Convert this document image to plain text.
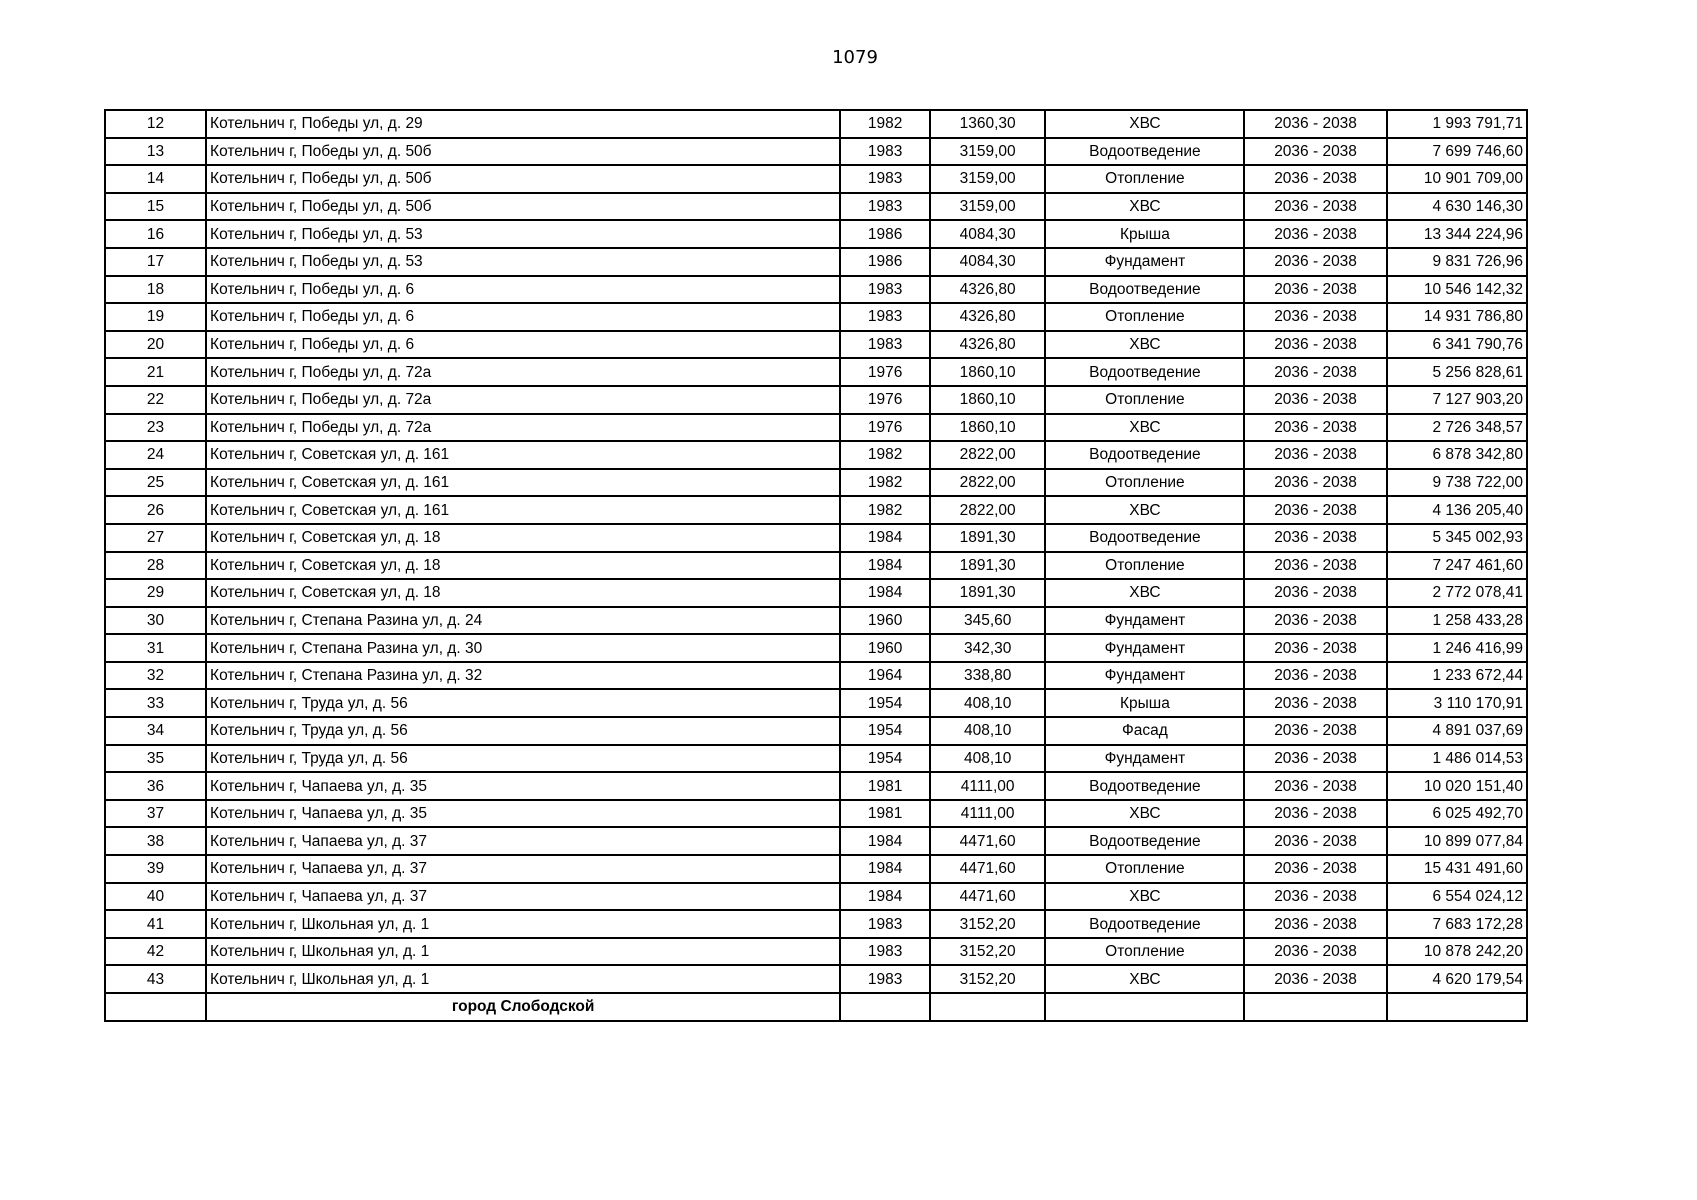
1079
12	Котельнич г, Победы ул, д. 29	1982	1360,30	ХВС	2036 - 2038	1 993 791,71
13	Котельнич г, Победы ул, д. 50б	1983	3159,00	Водоотведение	2036 - 2038	7 699 746,60
14	Котельнич г, Победы ул, д. 50б	1983	3159,00	Отопление	2036 - 2038	10 901 709,00
15	Котельнич г, Победы ул, д. 50б	1983	3159,00	ХВС	2036 - 2038	4 630 146,30
16	Котельнич г, Победы ул, д. 53	1986	4084,30	Крыша	2036 - 2038	13 344 224,96
17	Котельнич г, Победы ул, д. 53	1986	4084,30	Фундамент	2036 - 2038	9 831 726,96
18	Котельнич г, Победы ул, д. 6	1983	4326,80	Водоотведение	2036 - 2038	10 546 142,32
19	Котельнич г, Победы ул, д. 6	1983	4326,80	Отопление	2036 - 2038	14 931 786,80
20	Котельнич г, Победы ул, д. 6	1983	4326,80	ХВС	2036 - 2038	6 341 790,76
21	Котельнич г, Победы ул, д. 72а	1976	1860,10	Водоотведение	2036 - 2038	5 256 828,61
22	Котельнич г, Победы ул, д. 72а	1976	1860,10	Отопление	2036 - 2038	7 127 903,20
23	Котельнич г, Победы ул, д. 72а	1976	1860,10	ХВС	2036 - 2038	2 726 348,57
24	Котельнич г, Советская ул, д. 161	1982	2822,00	Водоотведение	2036 - 2038	6 878 342,80
25	Котельнич г, Советская ул, д. 161	1982	2822,00	Отопление	2036 - 2038	9 738 722,00
26	Котельнич г, Советская ул, д. 161	1982	2822,00	ХВС	2036 - 2038	4 136 205,40
27	Котельнич г, Советская ул, д. 18	1984	1891,30	Водоотведение	2036 - 2038	5 345 002,93
28	Котельнич г, Советская ул, д. 18	1984	1891,30	Отопление	2036 - 2038	7 247 461,60
29	Котельнич г, Советская ул, д. 18	1984	1891,30	ХВС	2036 - 2038	2 772 078,41
30	Котельнич г, Степана Разина ул, д. 24	1960	345,60	Фундамент	2036 - 2038	1 258 433,28
31	Котельнич г, Степана Разина ул, д. 30	1960	342,30	Фундамент	2036 - 2038	1 246 416,99
32	Котельнич г, Степана Разина ул, д. 32	1964	338,80	Фундамент	2036 - 2038	1 233 672,44
33	Котельнич г, Труда ул, д. 56	1954	408,10	Крыша	2036 - 2038	3 110 170,91
34	Котельнич г, Труда ул, д. 56	1954	408,10	Фасад	2036 - 2038	4 891 037,69
35	Котельнич г, Труда ул, д. 56	1954	408,10	Фундамент	2036 - 2038	1 486 014,53
36	Котельнич г, Чапаева ул, д. 35	1981	4111,00	Водоотведение	2036 - 2038	10 020 151,40
37	Котельнич г, Чапаева ул, д. 35	1981	4111,00	ХВС	2036 - 2038	6 025 492,70
38	Котельнич г, Чапаева ул, д. 37	1984	4471,60	Водоотведение	2036 - 2038	10 899 077,84
39	Котельнич г, Чапаева ул, д. 37	1984	4471,60	Отопление	2036 - 2038	15 431 491,60
40	Котельнич г, Чапаева ул, д. 37	1984	4471,60	ХВС	2036 - 2038	6 554 024,12
41	Котельнич г, Школьная ул, д. 1	1983	3152,20	Водоотведение	2036 - 2038	7 683 172,28
42	Котельнич г, Школьная ул, д. 1	1983	3152,20	Отопление	2036 - 2038	10 878 242,20
43	Котельнич г, Школьная ул, д. 1	1983	3152,20	ХВС	2036 - 2038	4 620 179,54
	город Слободской					
